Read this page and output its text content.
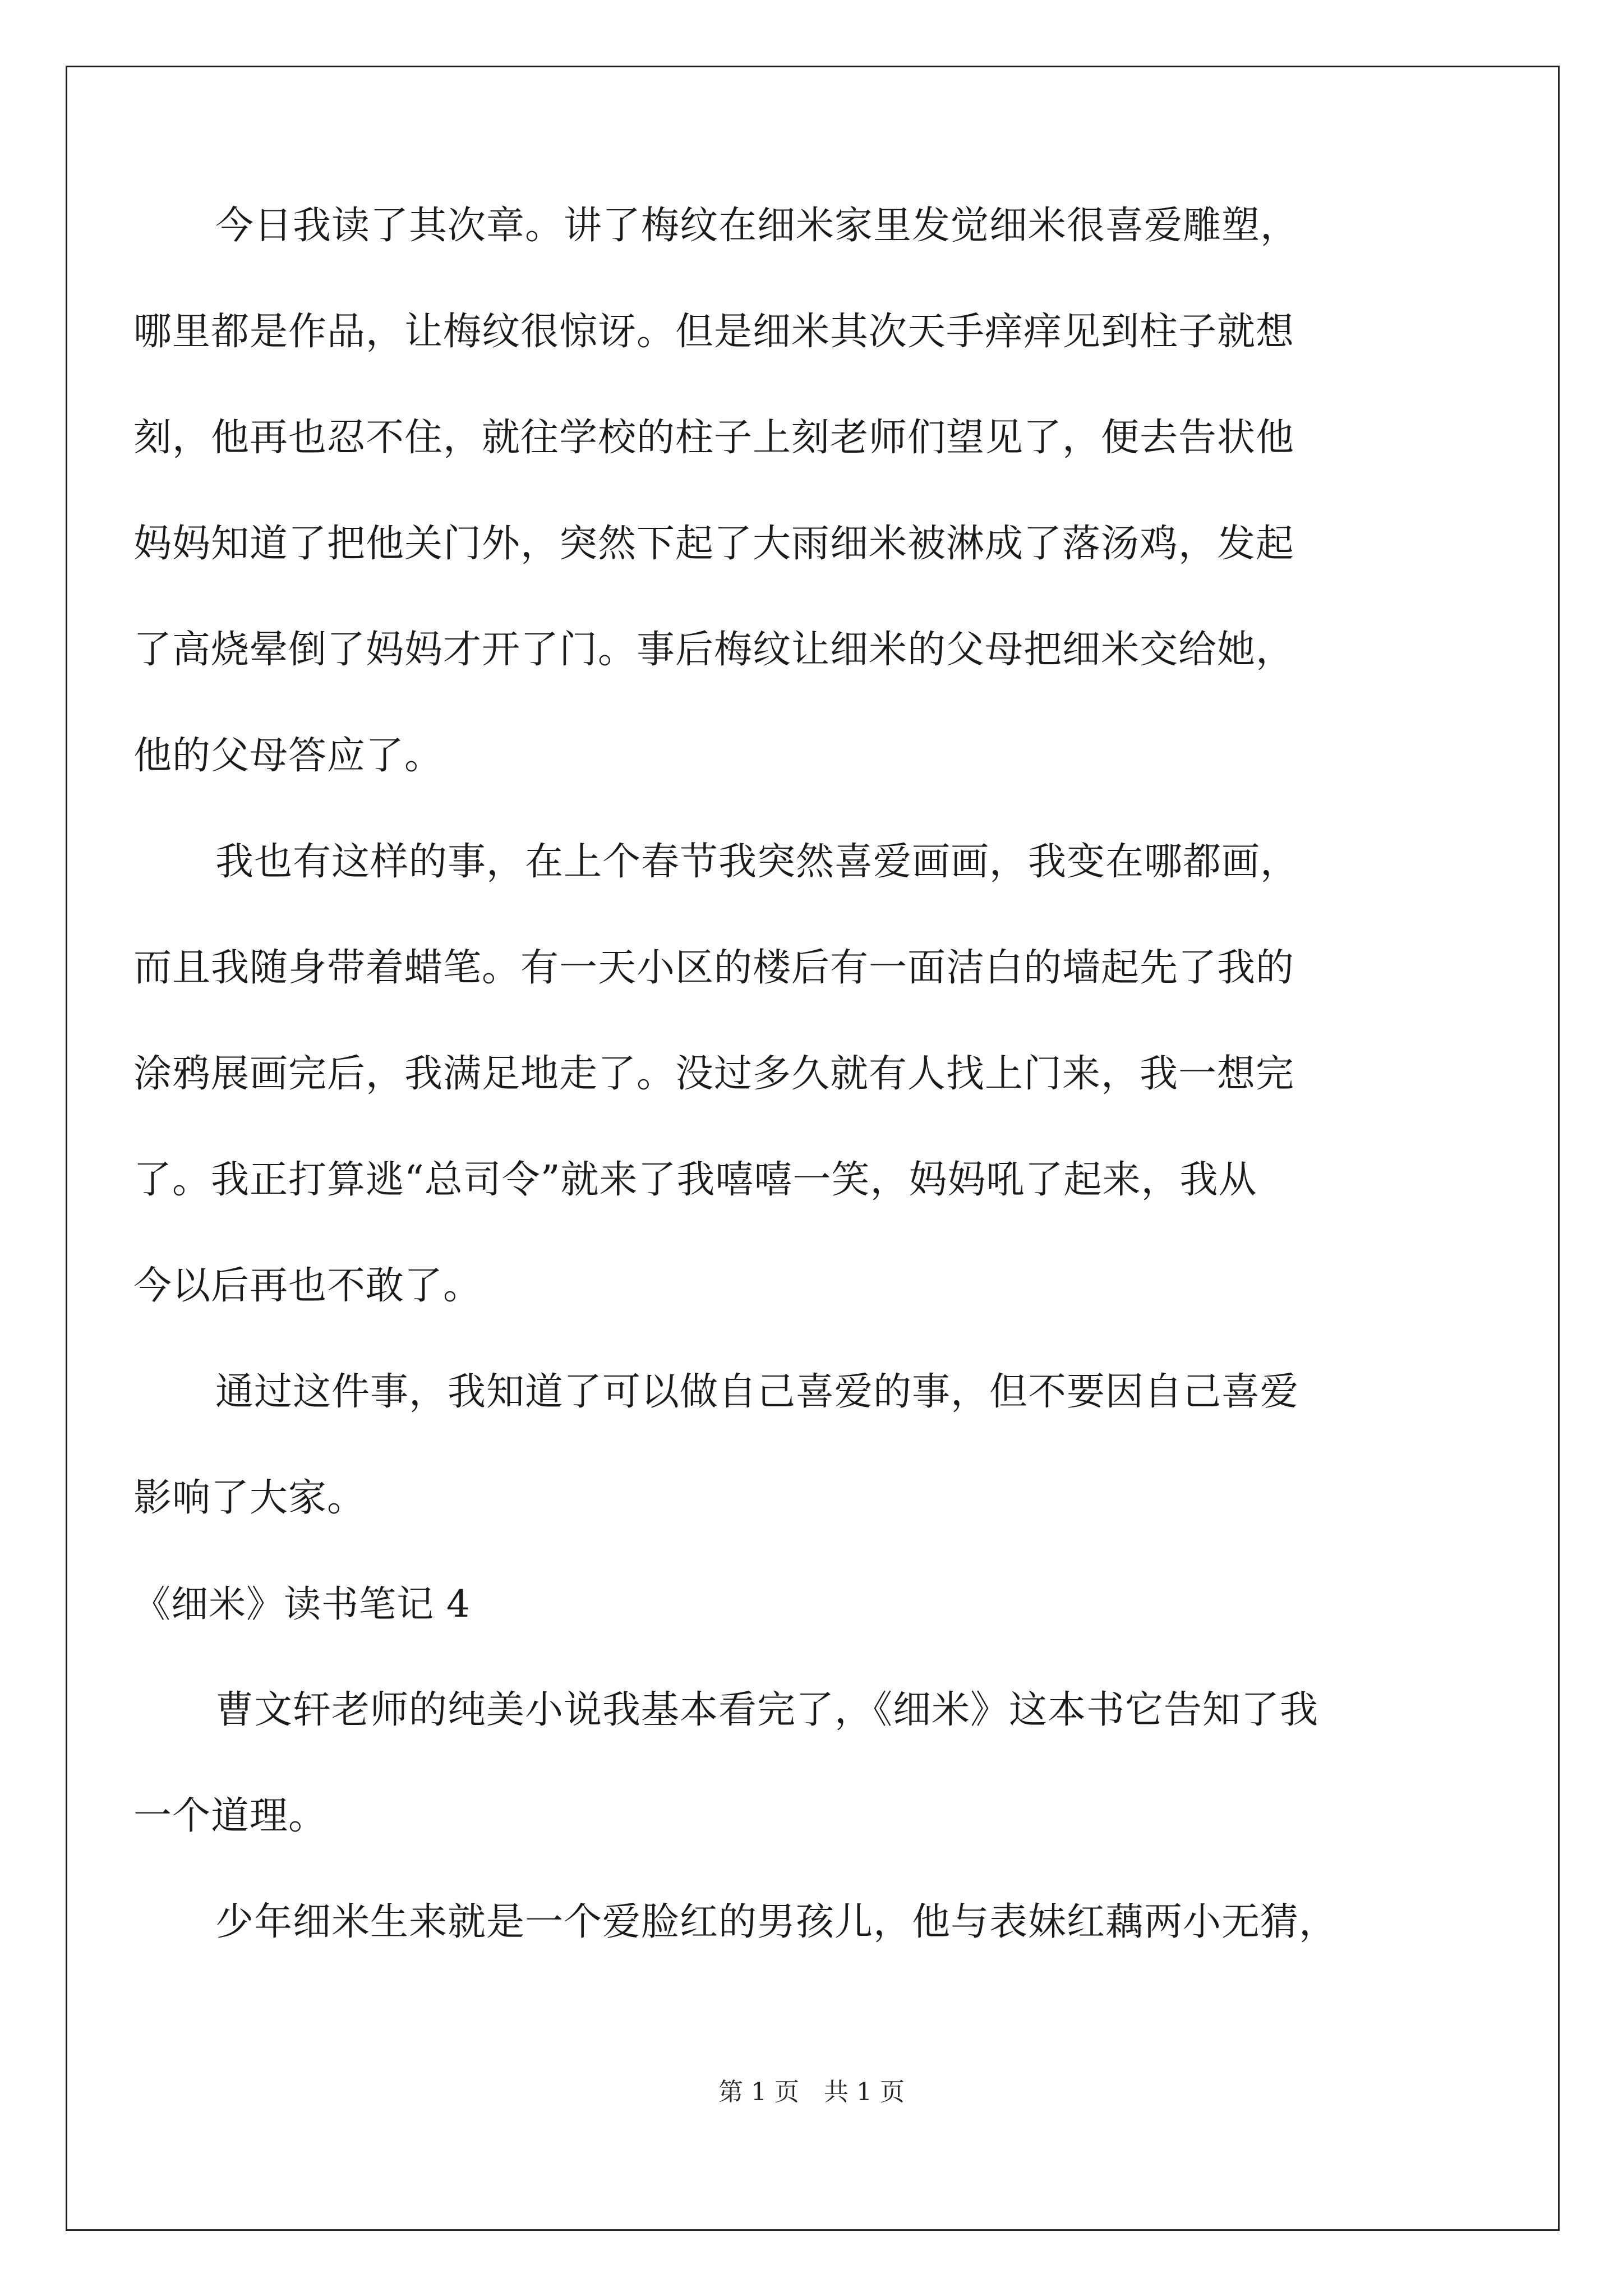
今日我读了其次章。讲了梅纹在细米家里发觉细米很喜爱雕塑，
哪里都是作品，让梅纹很惊讶。但是细米其次天手痒痒见到柱子就想
刻，他再也忍不住，就往学校的柱子上刻老师们望见了，便去告状他
妈妈知道了把他关门外，突然下起了大雨细米被淋成了落汤鸡，发起
了高烧晕倒了妈妈才开了门。事后梅纹让细米的父母把细米交给她，
他的父母答应了。
我也有这样的事，在上个春节我突然喜爱画画，我变在哪都画，
而且我随身带着蜡笔。有一天小区的楼后有一面洁白的墙起先了我的
涂鸦展画完后，我满足地走了。没过多久就有人找上门来，我一想完
了。我正打算逃“总司令”就来了我嘻嘻一笑，妈妈吼了起来，我从
今以后再也不敢了。
通过这件事，我知道了可以做自己喜爱的事，但不要因自己喜爱
影响了大家。
《细米》读书笔记 4
曹文轩老师的纯美小说我基本看完了，《细米》这本书它告知了我
一个道理。
少年细米生来就是一个爱脸红的男孩儿，他与表妹红藕两小无猜，
第 1 页　共 1 页
